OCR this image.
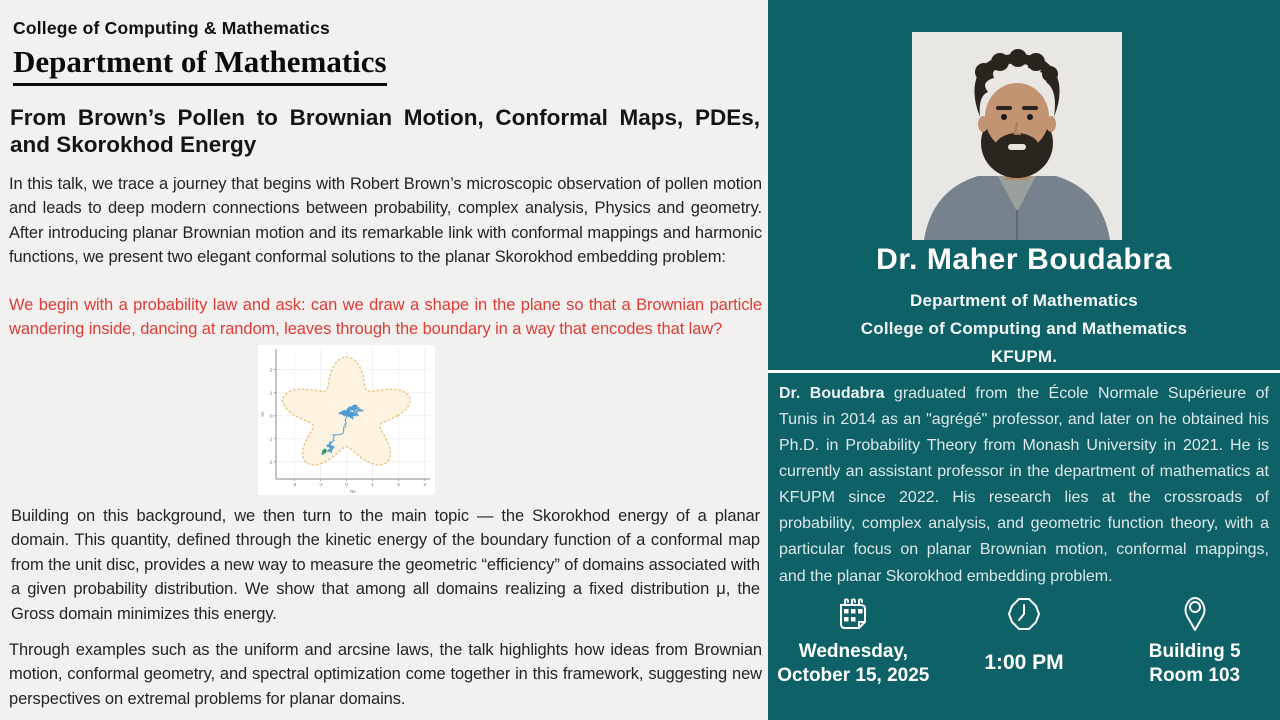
College of Computing & Mathematics
Department of Mathematics
From Brown’s Pollen to Brownian Motion, Conformal Maps, PDEs, and Skorokhod Energy

In this talk, we trace a journey that begins with Robert Brown’s microscopic observation of pollen motion and leads to deep modern connections between probability, complex analysis, Physics and geometry. After introducing planar Brownian motion and its remarkable link with conformal mappings and harmonic functions, we present two elegant conformal solutions to the planar Skorokhod embedding problem:

We begin with a probability law and ask: can we draw a shape in the plane so that a Brownian particle wandering inside, dancing at random, leaves through the boundary in a way that encodes that law?

-2	-1	0	1	2	3
-2
-1
0
1
2
Re
Im

Building on this background, we then turn to the main topic — the Skorokhod energy of a planar domain. This quantity, defined through the kinetic energy of the boundary function of a conformal map from the unit disc, provides a new way to measure the geometric “efficiency” of domains associated with a given probability distribution. We show that among all domains realizing a fixed distribution μ, the Gross domain minimizes this energy.

Through examples such as the uniform and arcsine laws, the talk highlights how ideas from Brownian motion, conformal geometry, and spectral optimization come together in this framework, suggesting new perspectives on extremal problems for planar domains.

Dr. Maher Boudabra
Department of Mathematics
College of Computing and Mathematics
KFUPM.

Dr. Boudabra graduated from the École Normale Supérieure of Tunis in 2014 as an "agrégé" professor, and later on he obtained his Ph.D. in Probability Theory from Monash University in 2021. He is currently an assistant professor in the department of mathematics at KFUPM since 2022. His research lies at the crossroads of probability, complex analysis, and geometric function theory, with a particular focus on planar Brownian motion, conformal mappings, and the planar Skorokhod embedding problem.

Wednesday,
October 15, 2025
1:00 PM	Building 5
Room 103
